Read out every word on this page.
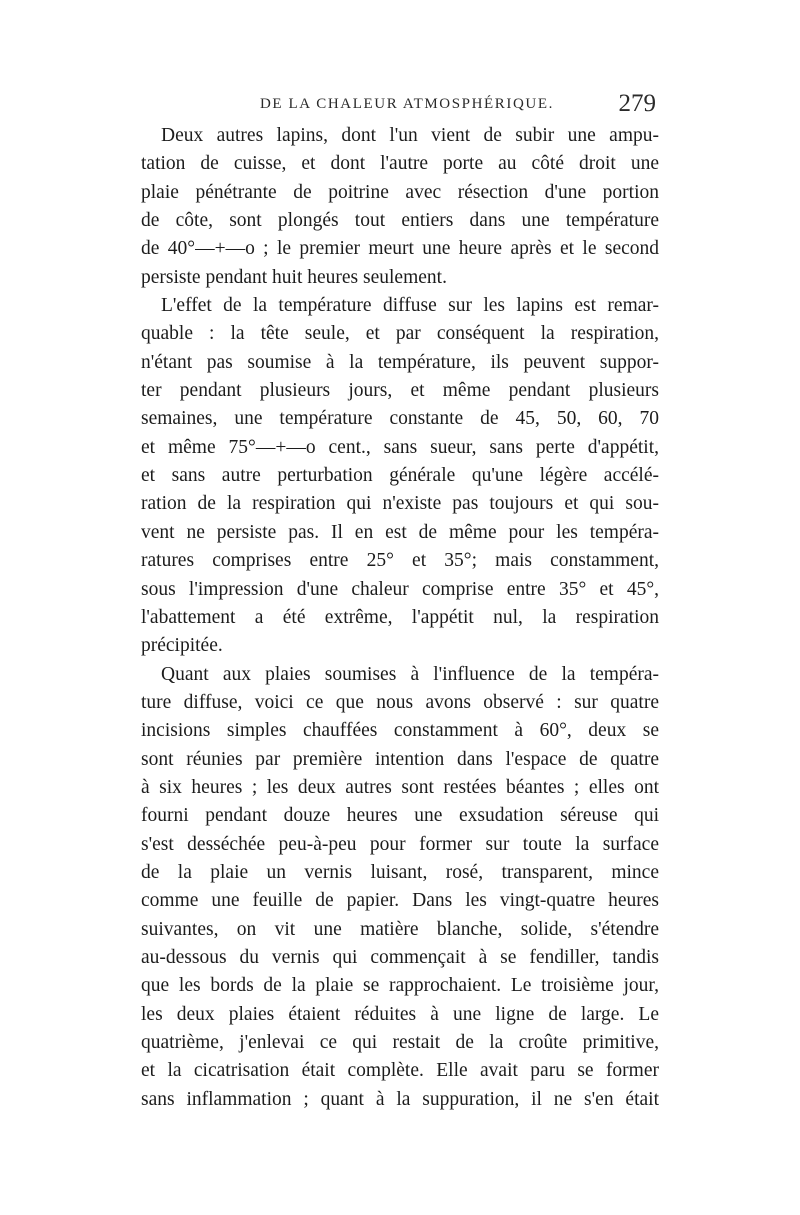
DE LA CHALEUR ATMOSPHÉRIQUE.	279
Deux autres lapins, dont l'un vient de subir une ampu-
tation de cuisse, et dont l'autre porte au côté droit une
plaie pénétrante de poitrine avec résection d'une portion
de côte, sont plongés tout entiers dans une température
de 40°—+—o ; le premier meurt une heure après et le second
persiste pendant huit heures seulement.
L'effet de la température diffuse sur les lapins est remar-
quable : la tête seule, et par conséquent la respiration,
n'étant pas soumise à la température, ils peuvent suppor-
ter pendant plusieurs jours, et même pendant plusieurs
semaines, une température constante de 45, 50, 60, 70
et même 75°—+—o cent., sans sueur, sans perte d'appétit,
et sans autre perturbation générale qu'une légère accélé-
ration de la respiration qui n'existe pas toujours et qui sou-
vent ne persiste pas. Il en est de même pour les tempéra-
ratures comprises entre 25° et 35°; mais constamment,
sous l'impression d'une chaleur comprise entre 35° et 45°,
l'abattement a été extrême, l'appétit nul, la respiration
précipitée.
Quant aux plaies soumises à l'influence de la tempéra-
ture diffuse, voici ce que nous avons observé : sur quatre
incisions simples chauffées constamment à 60°, deux se
sont réunies par première intention dans l'espace de quatre
à six heures ; les deux autres sont restées béantes ; elles ont
fourni pendant douze heures une exsudation séreuse qui
s'est desséchée peu-à-peu pour former sur toute la surface
de la plaie un vernis luisant, rosé, transparent, mince
comme une feuille de papier. Dans les vingt-quatre heures
suivantes, on vit une matière blanche, solide, s'étendre
au-dessous du vernis qui commençait à se fendiller, tandis
que les bords de la plaie se rapprochaient. Le troisième jour,
les deux plaies étaient réduites à une ligne de large. Le
quatrième, j'enlevai ce qui restait de la croûte primitive,
et la cicatrisation était complète. Elle avait paru se former
sans inflammation ; quant à la suppuration, il ne s'en était
